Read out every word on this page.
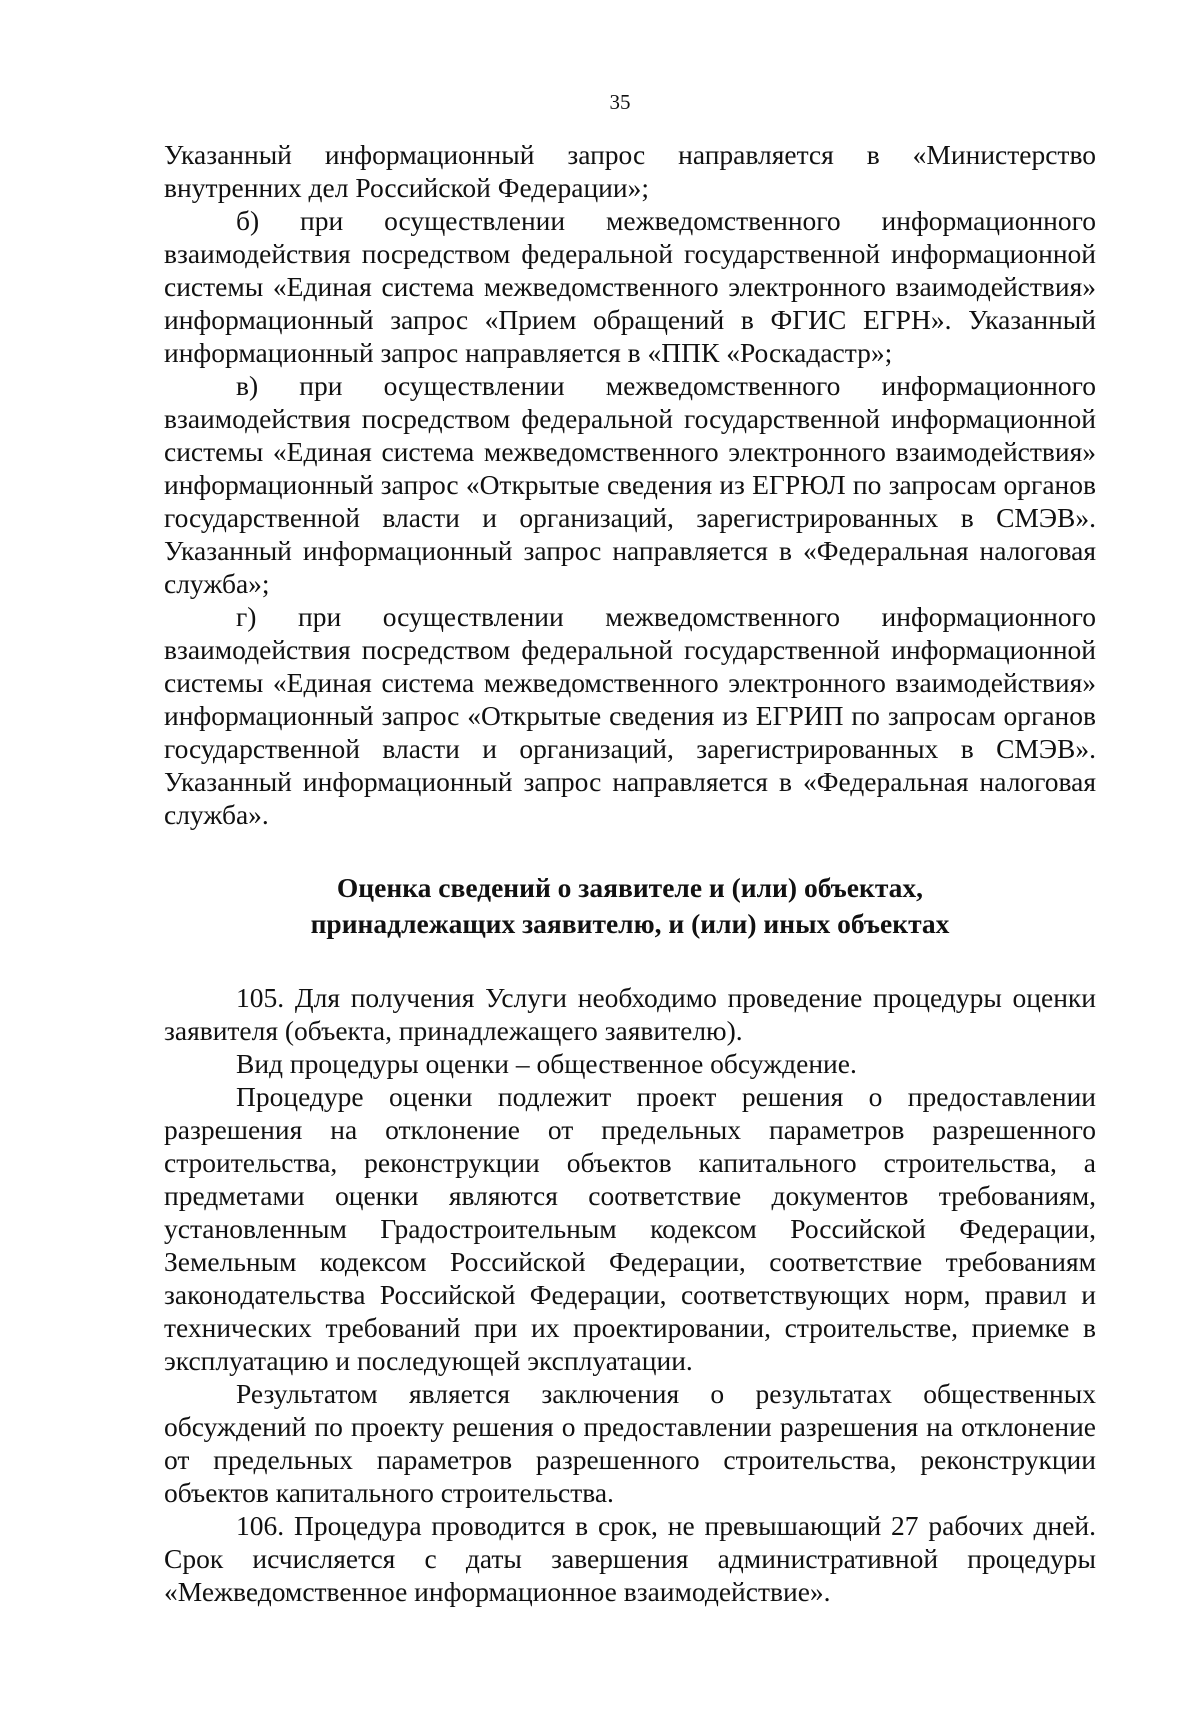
35

Указанный информационный запрос направляется в «Министерство внутренних дел Российской Федерации»;

б) при осуществлении межведомственного информационного взаимодействия посредством федеральной государственной информационной системы «Единая система межведомственного электронного взаимодействия» информационный запрос «Прием обращений в ФГИС ЕГРН». Указанный информационный запрос направляется в «ППК «Роскадастр»;

в) при осуществлении межведомственного информационного взаимодействия посредством федеральной государственной информационной системы «Единая система межведомственного электронного взаимодействия» информационный запрос «Открытые сведения из ЕГРЮЛ по запросам органов государственной власти и организаций, зарегистрированных в СМЭВ». Указанный информационный запрос направляется в «Федеральная налоговая служба»;

г) при осуществлении межведомственного информационного взаимодействия посредством федеральной государственной информационной системы «Единая система межведомственного электронного взаимодействия» информационный запрос «Открытые сведения из ЕГРИП по запросам органов государственной власти и организаций, зарегистрированных в СМЭВ». Указанный информационный запрос направляется в «Федеральная налоговая служба».

Оценка сведений о заявителе и (или) объектах,
принадлежащих заявителю, и (или) иных объектах

105. Для получения Услуги необходимо проведение процедуры оценки заявителя (объекта, принадлежащего заявителю).

Вид процедуры оценки – общественное обсуждение.

Процедуре оценки подлежит проект решения о предоставлении разрешения на отклонение от предельных параметров разрешенного строительства, реконструкции объектов капитального строительства, а предметами оценки являются соответствие документов требованиям, установленным Градостроительным кодексом Российской Федерации, Земельным кодексом Российской Федерации, соответствие требованиям законодательства Российской Федерации, соответствующих норм, правил и технических требований при их проектировании, строительстве, приемке в эксплуатацию и последующей эксплуатации.

Результатом является заключения о результатах общественных обсуждений по проекту решения о предоставлении разрешения на отклонение от предельных параметров разрешенного строительства, реконструкции объектов капитального строительства.

106. Процедура проводится в срок, не превышающий 27 рабочих дней. Срок исчисляется с даты завершения административной процедуры «Межведомственное информационное взаимодействие».
